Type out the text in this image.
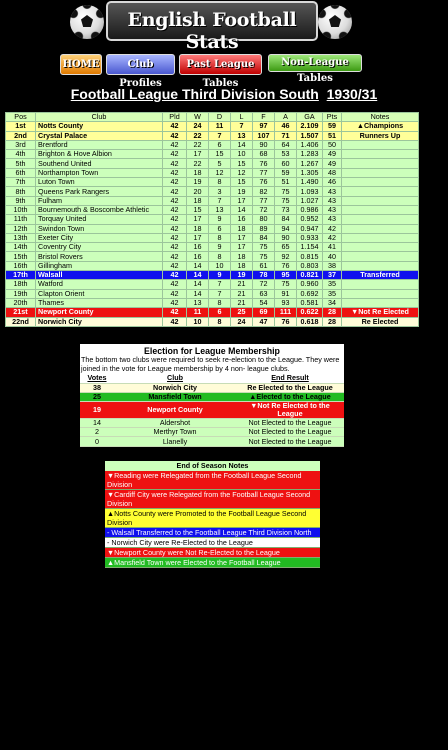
English Football Stats
HOME	Club Profiles
Past League Tables
Non-League Tables
Football League Third Division South 1930/31
Pos	Club	Pld	W	D	L	F	A	GA	Pts	Notes
1st	Notts County	42	24	11	7	97	46	2.109	59	▲Champions
2nd	Crystal Palace	42	22	7	13	107	71	1.507	51	Runners Up
3rd	Brentford	42	22	6	14	90	64	1.406	50	
4th	Brighton & Hove Albion	42	17	15	10	68	53	1.283	49	
5th	Southend United	42	22	5	15	76	60	1.267	49	
6th	Northampton Town	42	18	12	12	77	59	1.305	48	
7th	Luton Town	42	19	8	15	76	51	1.490	46	
8th	Queens Park Rangers	42	20	3	19	82	75	1.093	43	
9th	Fulham	42	18	7	17	77	75	1.027	43	
10th	Bournemouth & Boscombe Athletic	42	15	13	14	72	73	0.986	43	
11th	Torquay United	42	17	9	16	80	84	0.952	43	
12th	Swindon Town	42	18	6	18	89	94	0.947	42	
13th	Exeter City	42	17	8	17	84	90	0.933	42	
14th	Coventry City	42	16	9	17	75	65	1.154	41	
15th	Bristol Rovers	42	16	8	18	75	92	0.815	40	
16th	Gillingham	42	14	10	18	61	76	0.803	38	
17th	Walsall	42	14	9	19	78	95	0.821	37	Transferred
18th	Watford	42	14	7	21	72	75	0.960	35	
19th	Clapton Orient	42	14	7	21	63	91	0.692	35	
20th	Thames	42	13	8	21	54	93	0.581	34	
21st	Newport County	42	11	6	25	69	111	0.622	28	▼Not Re Elected
22nd	Norwich City	42	10	8	24	47	76	0.618	28	Re Elected
Election for League Membership
The bottom two clubs were required to seek re-election to the League. They were joined in the vote for League membership by 4 non- league clubs.
Votes	Club	End Result
38	Norwich City	Re Elected to the League
25	Mansfield Town	▲Elected to the League
19	Newport County	▼Not Re Elected to the League
14	Aldershot	Not Elected to the League
2	Merthyr Town	Not Elected to the League
0	Llanelly	Not Elected to the League
End of Season Notes
▼Reading were Relegated from the Football League Second Division
▼Cardiff City were Relegated from the Football League Second Division
▲Notts County were Promoted to the Football League Second Division
- Walsall Transferred to the Football League Third Division North
- Norwich City were Re-Elected to the League
▼Newport County were Not Re-Elected to the League
▲Mansfield Town were Elected to the Football League
